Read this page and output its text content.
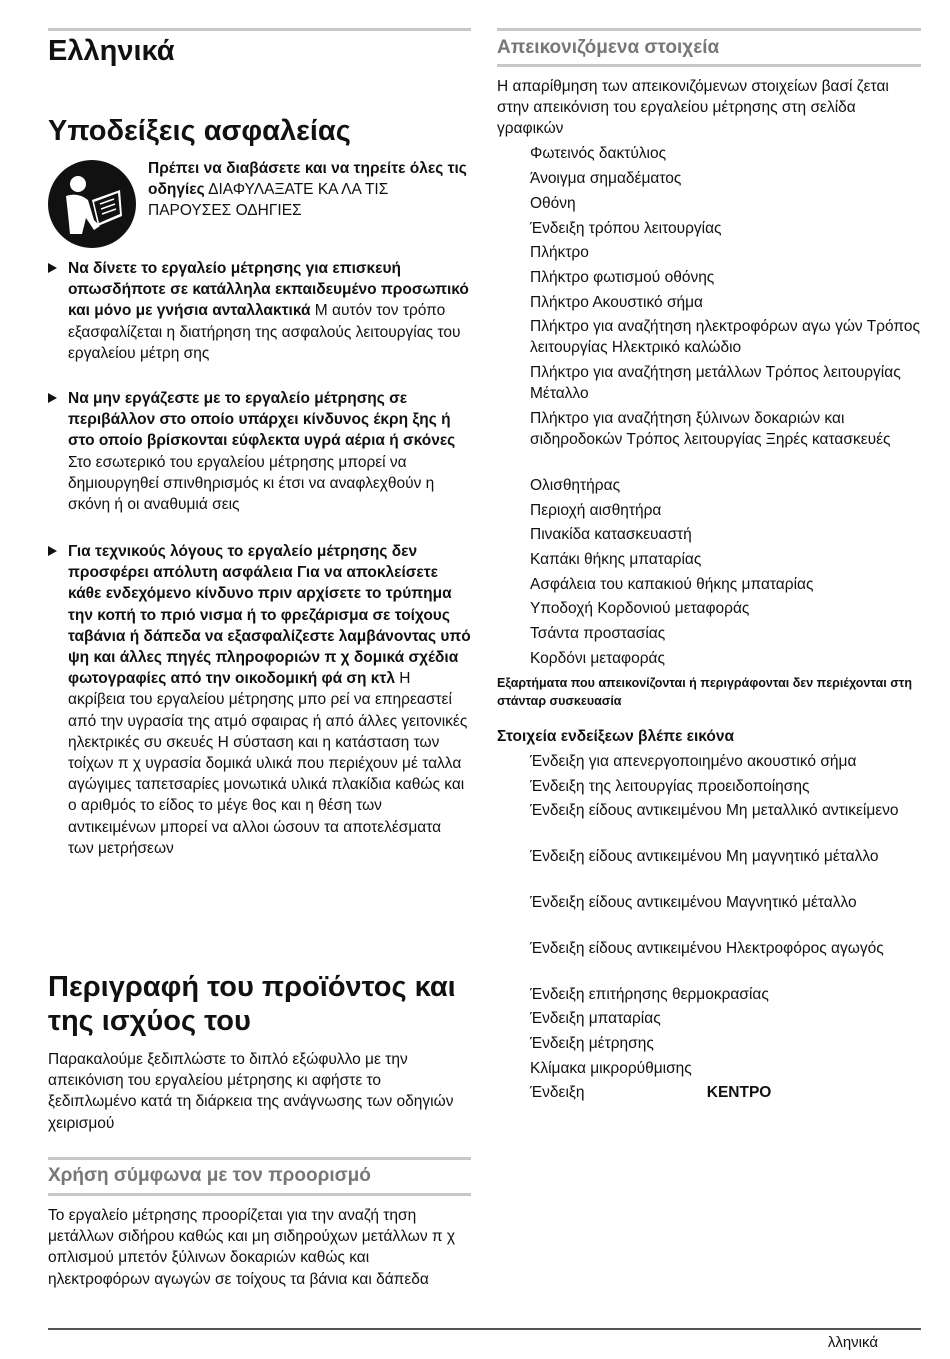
Ελληνικά
Υποδείξεις ασφαλείας

Πρέπει να διαβάσετε και να τηρείτε όλες τις οδηγίες ΔΙΑΦΥΛΑΞΑΤΕ ΚΑ ΛΑ ΤΙΣ ΠΑΡΟΥΣΕΣ ΟΔΗΓΙΕΣ

Να δίνετε το εργαλείο μέτρησης για επισκευή οπωσδήποτε σε κατάλληλα εκπαιδευμένο προσωπικό και μόνο με γνήσια ανταλλακτικά Μ αυτόν τον τρόπο εξασφαλίζεται η διατήρηση της ασφαλούς λειτουργίας του εργαλείου μέτρη σης
Να μην εργάζεστε με το εργαλείο μέτρησης σε περιβάλλον στο οποίο υπάρχει κίνδυνος έκρη ξης ή στο οποίο βρίσκονται εύφλεκτα υγρά αέρια ή σκόνες Στο εσωτερικό του εργαλείου μέτρησης μπορεί να δημιουργηθεί σπινθηρισμός κι έτσι να αναφλεχθούν η σκόνη ή οι αναθυμιά σεις
Για τεχνικούς λόγους το εργαλείο μέτρησης δεν προσφέρει απόλυτη ασφάλεια Για να αποκλείσετε κάθε ενδεχόμενο κίνδυνο πριν αρχίσετε το τρύπημα την κοπή το πριό νισμα ή το φρεζάρισμα σε τοίχους ταβάνια ή δάπεδα να εξασφαλίζεστε λαμβάνοντας υπό ψη και άλλες πηγές πληροφοριών π χ δομικά σχέδια φωτογραφίες από την οικοδομική φά ση κτλ Η ακρίβεια του εργαλείου μέτρησης μπο ρεί να επηρεαστεί από την υγρασία της ατμό σφαιρας ή από άλλες γειτονικές ηλεκτρικές συ σκευές Η σύσταση και η κατάσταση των τοίχων π χ υγρασία δομικά υλικά που περιέχουν μέ ταλλα αγώγιμες ταπετσαρίες μονωτικά υλικά πλακίδια καθώς και ο αριθμός το είδος το μέγε θος και η θέση των αντικειμένων μπορεί να αλλοι ώσουν τα αποτελέσματα των μετρήσεων
Περιγραφή του προϊόντος και της ισχύος του

Παρακαλούμε ξεδιπλώστε το διπλό εξώφυλλο με την απεικόνιση του εργαλείου μέτρησης κι αφήστε το ξεδιπλωμένο κατά τη διάρκεια της ανάγνωσης των οδηγιών χειρισμού

Χρήση σύμφωνα με τον προορισμό

Το εργαλείο μέτρησης προορίζεται για την αναζή τηση μετάλλων σιδήρου καθώς και μη σιδηρούχων μετάλλων π χ οπλισμού μπετόν ξύλινων δοκαριών καθώς και ηλεκτροφόρων αγωγών σε τοίχους τα βάνια και δάπεδα

Απεικονιζόμενα στοιχεία

Η απαρίθμηση των απεικονιζόμενων στοιχείων βασί ζεται στην απεικόνιση του εργαλείου μέτρησης στη σελίδα γραφικών

Φωτεινός δακτύλιος
Άνοιγμα σημαδέματος
Οθόνη
Ένδειξη τρόπου λειτουργίας
Πλήκτρο
Πλήκτρο φωτισμού οθόνης
Πλήκτρο Ακουστικό σήμα
Πλήκτρο για αναζήτηση ηλεκτροφόρων αγω γών Τρόπος λειτουργίας Ηλεκτρικό καλώδιο
Πλήκτρο για αναζήτηση μετάλλων Τρόπος λειτουργίας Μέταλλο
Πλήκτρο για αναζήτηση ξύλινων δοκαριών και σιδηροδοκών Τρόπος λειτουργίας Ξηρές κατασκευές
Ολισθητήρας
Περιοχή αισθητήρα
Πινακίδα κατασκευαστή
Καπάκι θήκης μπαταρίας
Ασφάλεια του καπακιού θήκης μπαταρίας
Υποδοχή Κορδονιού μεταφοράς
Τσάντα προστασίας
Κορδόνι μεταφοράς
Εξαρτήματα που απεικονίζονται ή περιγράφονται δεν περιέχονται στη στάνταρ συσκευασία
Στοιχεία ενδείξεων βλέπε εικόνα
Ένδειξη για απενεργοποιημένο ακουστικό σήμα
Ένδειξη της λειτουργίας προειδοποίησης
Ένδειξη είδους αντικειμένου Μη μεταλλικό αντικείμενο
Ένδειξη είδους αντικειμένου Μη μαγνητικό μέταλλο
Ένδειξη είδους αντικειμένου Μαγνητικό μέταλλο
Ένδειξη είδους αντικειμένου Ηλεκτροφόρος αγωγός
Ένδειξη επιτήρησης θερμοκρασίας
Ένδειξη μπαταρίας
Ένδειξη μέτρησης
Κλίμακα μικρορύθμισης
Ένδειξη	ΚΕΝΤΡΟ
λληνικά
